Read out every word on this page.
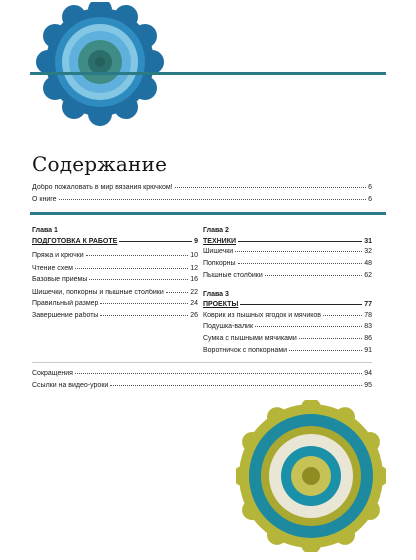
Содержание
Добро пожаловать в мир вязания крючком!	6
О книге	6
Глава 1
ПОДГОТОВКА К РАБОТЕ	9
Пряжа и крючки	10
Чтение схем	12
Базовые приемы	16
Шишечки, попкорны и пышные столбики	22
Правильный размер	24
Завершение работы	26
Глава 2
ТЕХНИКИ	31
Шишечки	32
Попкорны	48
Пышные столбики	62
Глава 3
ПРОЕКТЫ	77
Коврик из пышных ягодок и мячиков	78
Подушка-валик	83
Сумка с пышными мячиками	86
Воротничок с попкорнами	91
Сокращения	94
Ссылки на видео-уроки	95
